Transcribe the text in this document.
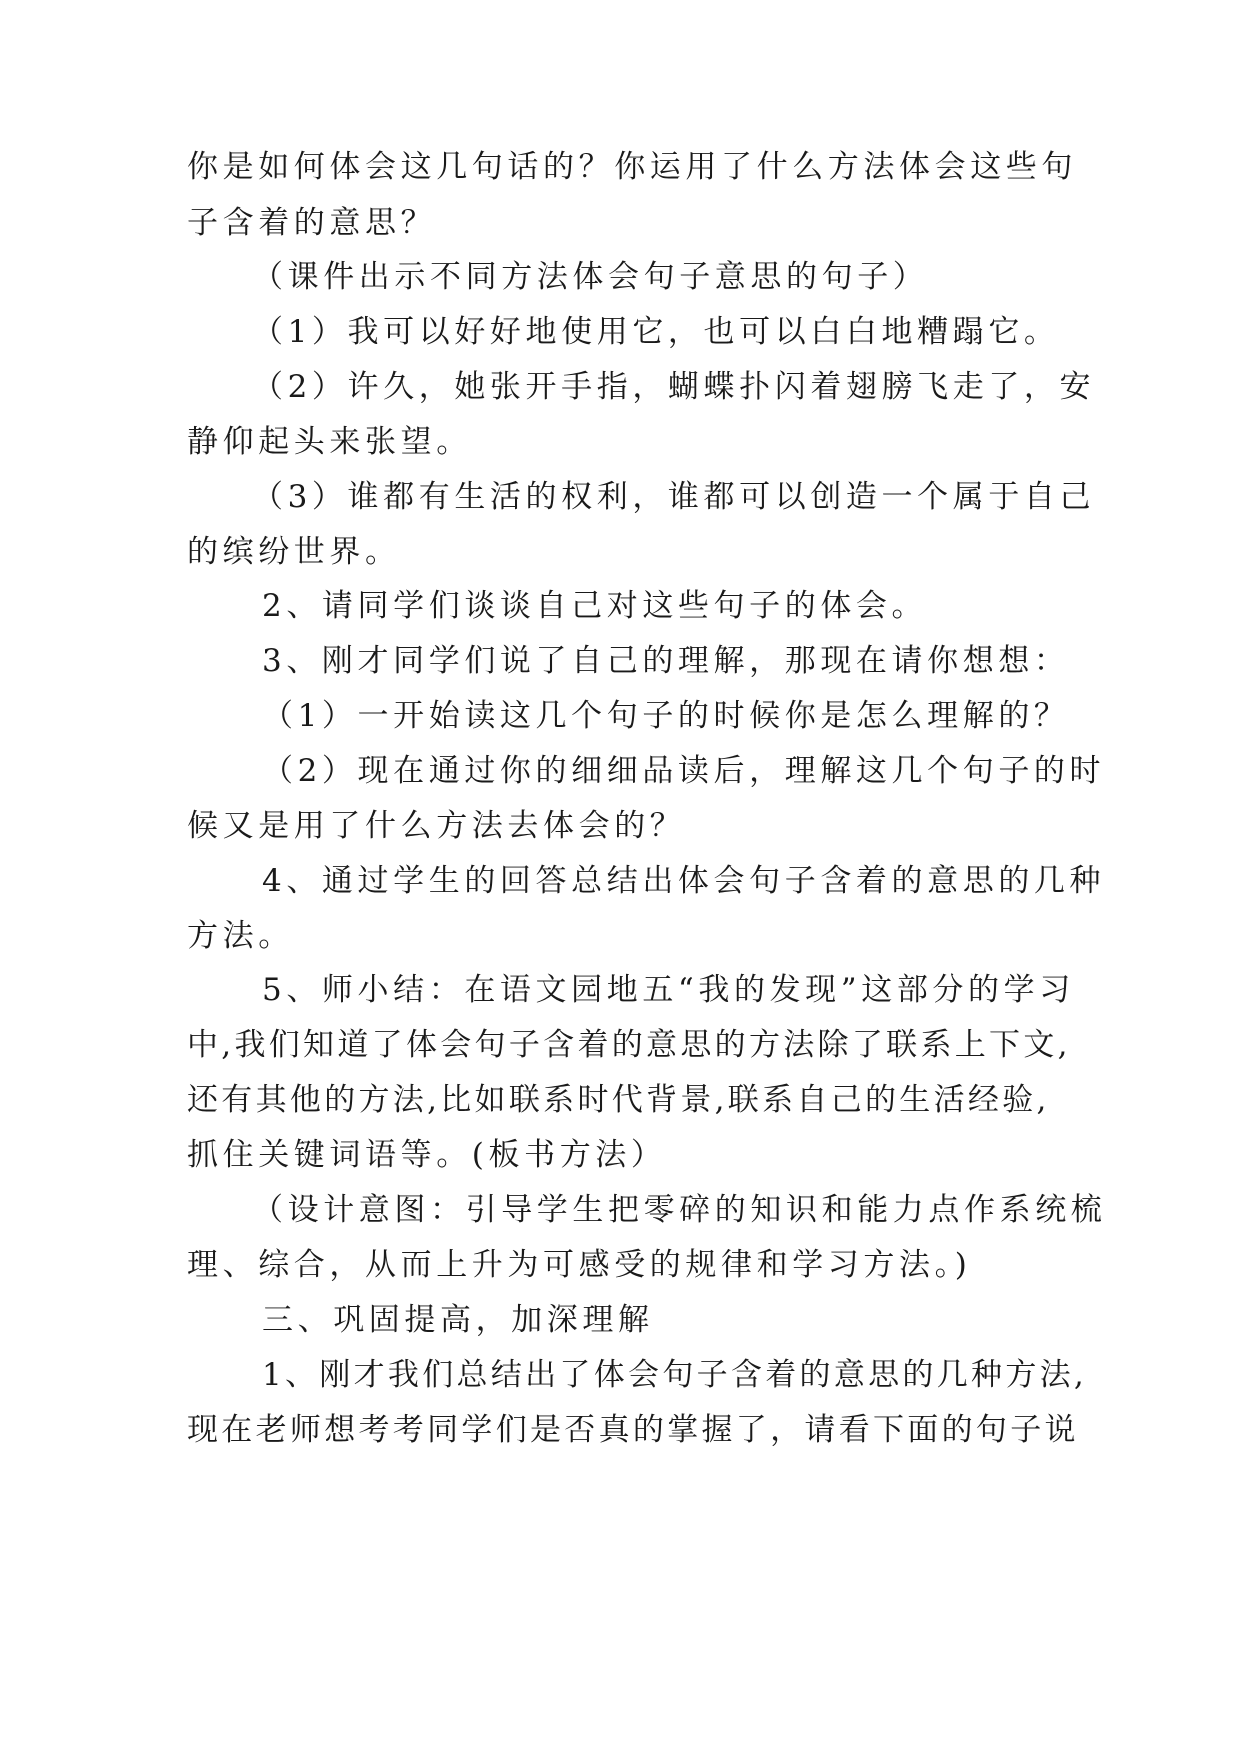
你是如何体会这几句话的？你运用了什么方法体会这些句
子含着的意思？
（课件出示不同方法体会句子意思的句子）
（1）我可以好好地使用它，也可以白白地糟蹋它。
（2）许久，她张开手指，蝴蝶扑闪着翅膀飞走了，安
静仰起头来张望。
（3）谁都有生活的权利，谁都可以创造一个属于自己
的缤纷世界。
2、请同学们谈谈自己对这些句子的体会。
3、刚才同学们说了自己的理解，那现在请你想想：
（1）一开始读这几个句子的时候你是怎么理解的？
（2）现在通过你的细细品读后，理解这几个句子的时
候又是用了什么方法去体会的？
4、通过学生的回答总结出体会句子含着的意思的几种
方法。
5、师小结：在语文园地五“我的发现”这部分的学习
中,我们知道了体会句子含着的意思的方法除了联系上下文,
还有其他的方法,比如联系时代背景,联系自己的生活经验,
抓住关键词语等。(板书方法）
（设计意图：引导学生把零碎的知识和能力点作系统梳
理、综合，从而上升为可感受的规律和学习方法。)
三、巩固提高，加深理解
1、刚才我们总结出了体会句子含着的意思的几种方法,
现在老师想考考同学们是否真的掌握了，请看下面的句子说
